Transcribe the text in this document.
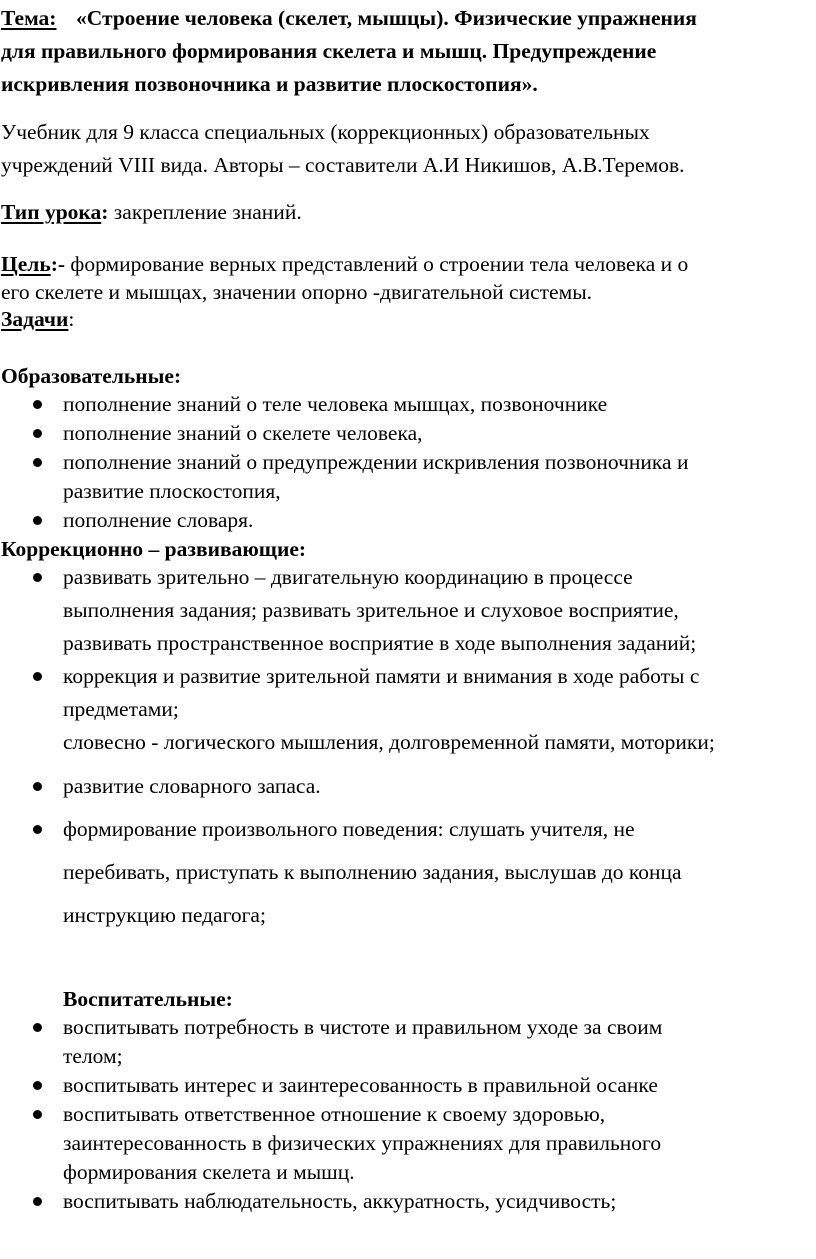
Тема: «Строение человека (скелет, мышцы). Физические упражнения
для правильного формирования скелета и мышц. Предупреждение
искривления позвоночника и развитие плоскостопия».
Учебник для 9 класса специальных (коррекционных) образовательных
учреждений VIII вида. Авторы – составители А.И Никишов, А.В.Теремов.
Тип урока: закрепление знаний.
Цель:- формирование верных представлений о строении тела человека и о
его скелете и мышцах, значении опорно -двигательной системы.
Задачи:
Образовательные:
пополнение знаний о теле человека мышцах, позвоночнике
пополнение знаний о скелете человека,
пополнение знаний о предупреждении искривления позвоночника и
развитие плоскостопия,
пополнение словаря.
Коррекционно – развивающие:
развивать зрительно – двигательную координацию в процессе
выполнения задания; развивать зрительное и слуховое восприятие,
развивать пространственное восприятие в ходе выполнения заданий;
коррекция и развитие зрительной памяти и внимания в ходе работы с
предметами;
словесно - логического мышления, долговременной памяти, моторики;
развитие словарного запаса.
формирование произвольного поведения: слушать учителя, не
перебивать, приступать к выполнению задания, выслушав до конца
инструкцию педагога;
Воспитательные:
воспитывать потребность в чистоте и правильном уходе за своим
телом;
воспитывать интерес и заинтересованность в правильной осанке
воспитывать ответственное отношение к своему здоровью,
заинтересованность в физических упражнениях для правильного
формирования скелета и мышц.
воспитывать наблюдательность, аккуратность, усидчивость;
